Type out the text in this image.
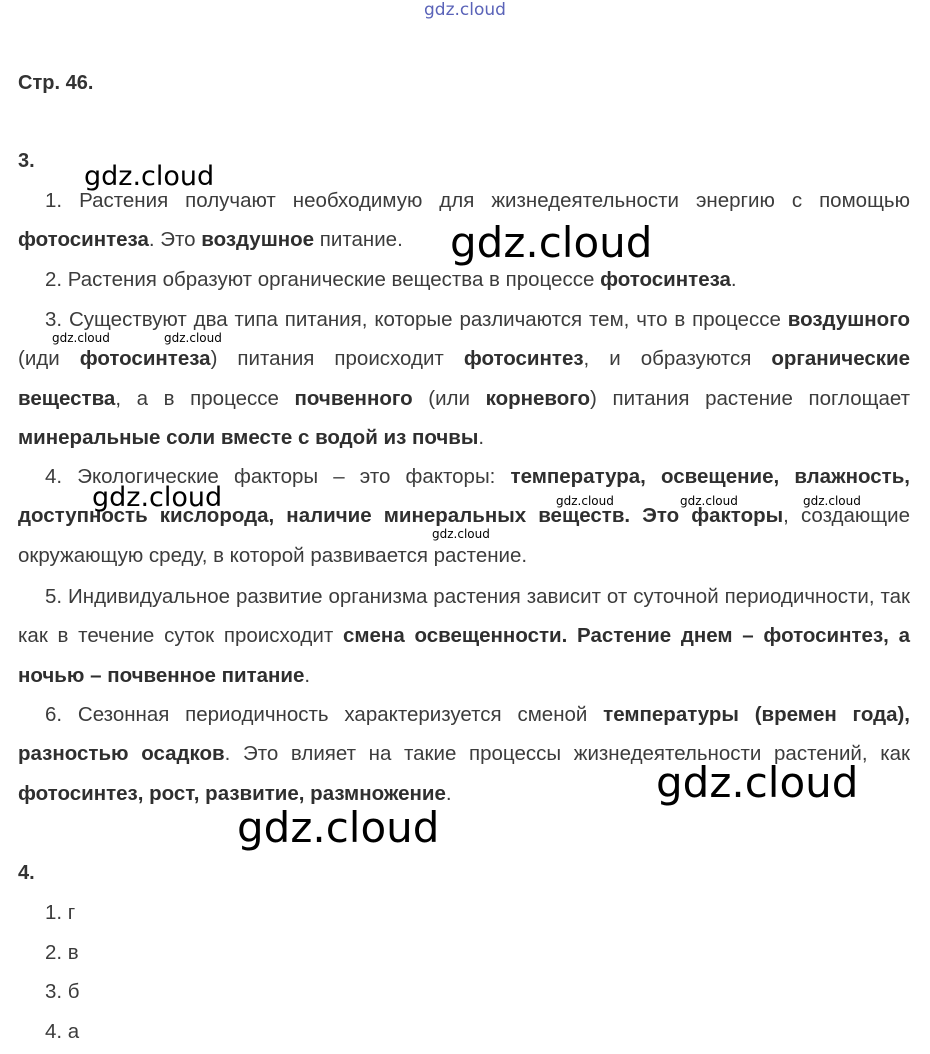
gdz.cloud
Стр. 46.
3.
1. Растения получают необходимую для жизнедеятельности энергию с помощью фотосинтеза. Это воздушное питание.
2. Растения образуют органические вещества в процессе фотосинтеза.
3. Существуют два типа питания, которые различаются тем, что в процессе воздушного (иди фотосинтеза) питания происходит фотосинтез, и образуются органические вещества, а в процессе почвенного (или корневого) питания растение поглощает минеральные соли вместе с водой из почвы.
4. Экологические факторы – это факторы: температура, освещение, влажность, доступность кислорода, наличие минеральных веществ. Это факторы, создающие окружающую среду, в которой развивается растение.
5. Индивидуальное развитие организма растения зависит от суточной периодичности, так как в течение суток происходит смена освещенности. Растение днем – фотосинтез, а ночью – почвенное питание.
6. Сезонная периодичность характеризуется сменой температуры (времен года), разностью осадков. Это влияет на такие процессы жизнедеятельности растений, как фотосинтез, рост, развитие, размножение.
4.
1. г
2. в
3. б
4. а
gdz.cloud
gdz.cloud
gdz.cloud	gdz.cloud
gdz.cloud	gdz.cloud	gdz.cloud	gdz.cloud
gdz.cloud
gdz.cloud
gdz.cloud
